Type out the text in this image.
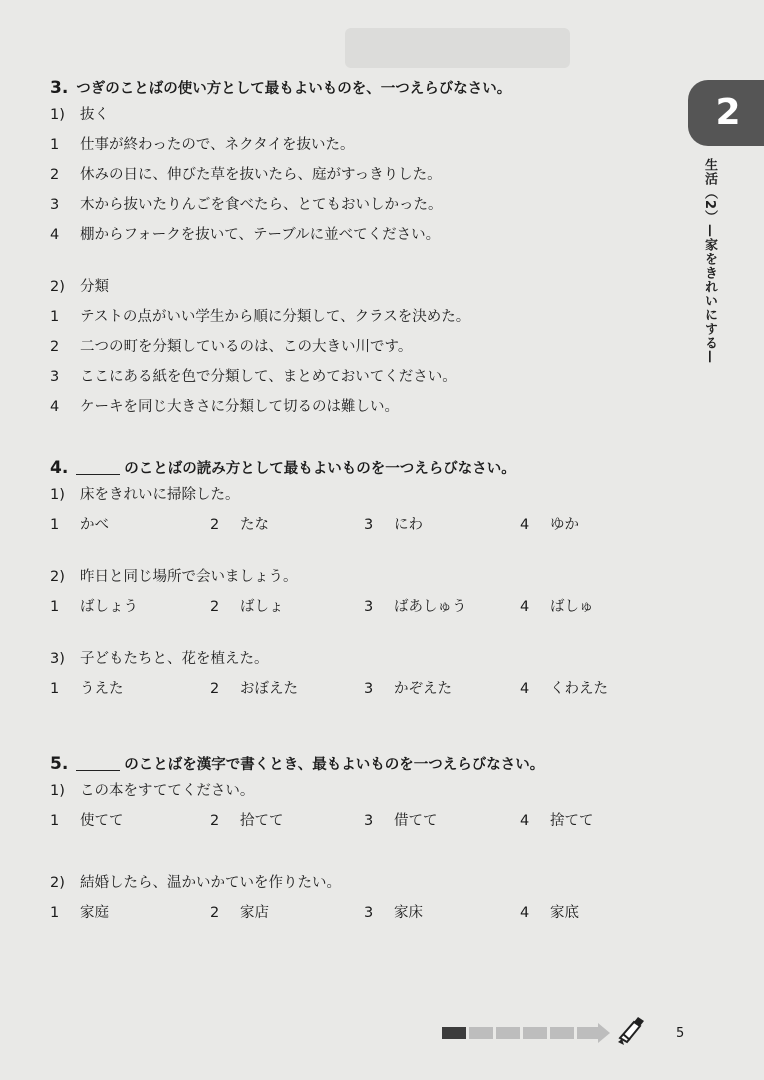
2
生活（2）—家をきれいにする—
3. つぎのことばの使い方として最もよいものを、一つえらびなさい。
1) 抜く
1 仕事が終わったので、ネクタイを抜いた。
2 休みの日に、伸びた草を抜いたら、庭がすっきりした。
3 木から抜いたりんごを食べたら、とてもおいしかった。
4 棚からフォークを抜いて、テーブルに並べてください。
2) 分類
1 テストの点がいい学生から順に分類して、クラスを決めた。
2 二つの町を分類しているのは、この大きい川です。
3 ここにある紙を色で分類して、まとめておいてください。
4 ケーキを同じ大きさに分類して切るのは難しい。
4.	のことばの読み方として最もよいものを一つえらびなさい。
1) 床をきれいに掃除した。
1 かべ	2 たな	3 にわ	4 ゆか
2) 昨日と同じ場所で会いましょう。
1 ばしょう	2 ばしょ	3 ばあしゅう	4 ばしゅ
3) 子どもたちと、花を植えた。
1 うえた	2 おぼえた	3 かぞえた	4 くわえた
5.	のことばを漢字で書くとき、最もよいものを一つえらびなさい。
1) この本をすててください。
1 使てて	2 拾てて	3 借てて	4 捨てて
2) 結婚したら、温かいかていを作りたい。
1 家庭	2 家店	3 家床	4 家底
5
